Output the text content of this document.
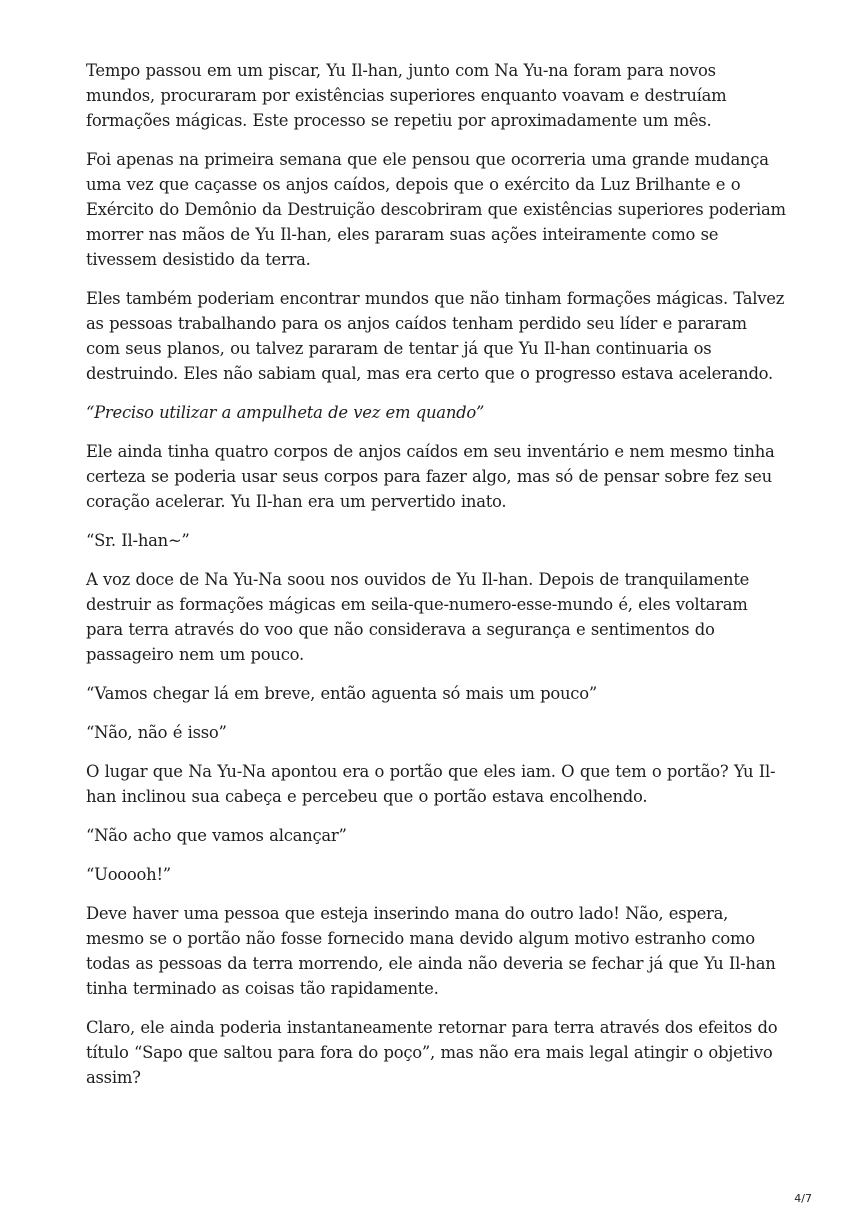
Tempo passou em um piscar, Yu Il-han, junto com Na Yu-na foram para novos mundos, procuraram por existências superiores enquanto voavam e destruíam formações mágicas. Este processo se repetiu por aproximadamente um mês.

Foi apenas na primeira semana que ele pensou que ocorreria uma grande mudança uma vez que caçasse os anjos caídos, depois que o exército da Luz Brilhante e o Exército do Demônio da Destruição descobriram que existências superiores poderiam morrer nas mãos de Yu Il-han, eles pararam suas ações inteiramente como se tivessem desistido da terra.

Eles também poderiam encontrar mundos que não tinham formações mágicas. Talvez as pessoas trabalhando para os anjos caídos tenham perdido seu líder e pararam com seus planos, ou talvez pararam de tentar já que Yu Il-han continuaria os destruindo. Eles não sabiam qual, mas era certo que o progresso estava acelerando.

“Preciso utilizar a ampulheta de vez em quando”

Ele ainda tinha quatro corpos de anjos caídos em seu inventário e nem mesmo tinha certeza se poderia usar seus corpos para fazer algo, mas só de pensar sobre fez seu coração acelerar. Yu Il-han era um pervertido inato.

“Sr. Il-han~”

A voz doce de Na Yu-Na soou nos ouvidos de Yu Il-han. Depois de tranquilamente destruir as formações mágicas em seila-que-numero-esse-mundo é, eles voltaram para terra através do voo que não considerava a segurança e sentimentos do passageiro nem um pouco.

“Vamos chegar lá em breve, então aguenta só mais um pouco”

“Não, não é isso”

O lugar que Na Yu-Na apontou era o portão que eles iam. O que tem o portão? Yu Il-han inclinou sua cabeça e percebeu que o portão estava encolhendo.

“Não acho que vamos alcançar”

“Uooooh!”

Deve haver uma pessoa que esteja inserindo mana do outro lado! Não, espera, mesmo se o portão não fosse fornecido mana devido algum motivo estranho como todas as pessoas da terra morrendo, ele ainda não deveria se fechar já que Yu Il-han tinha terminado as coisas tão rapidamente.

Claro, ele ainda poderia instantaneamente retornar para terra através dos efeitos do título “Sapo que saltou para fora do poço”, mas não era mais legal atingir o objetivo assim?

4/7
